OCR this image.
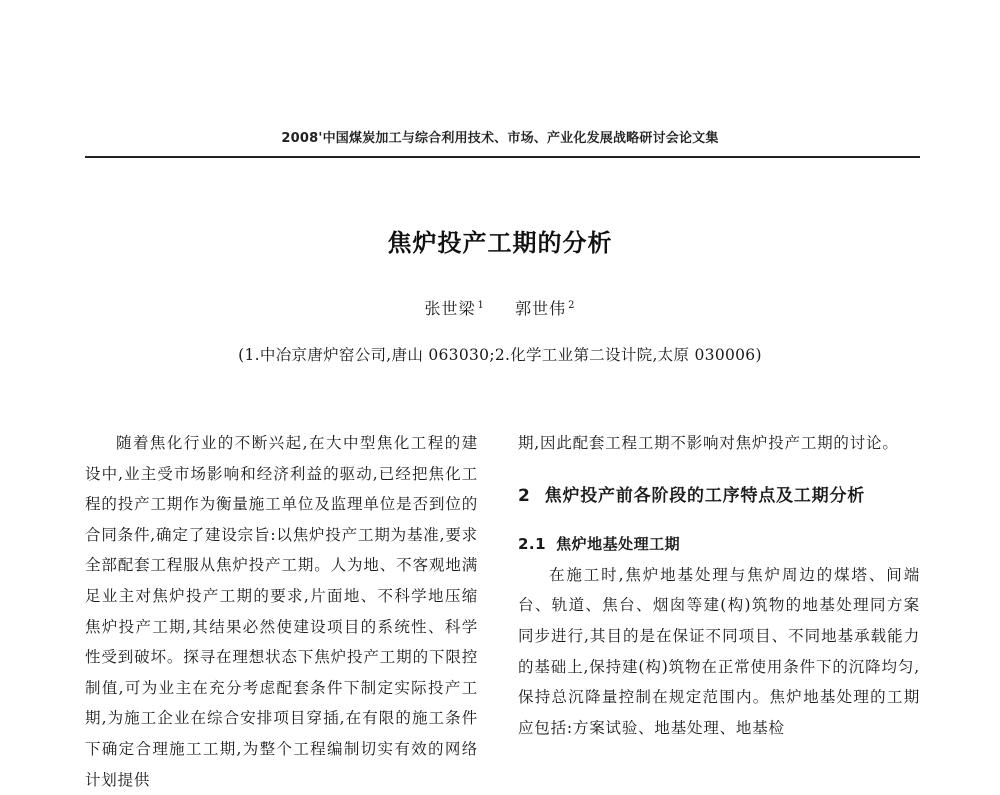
2008'中国煤炭加工与综合利用技术、市场、产业化发展战略研讨会论文集
焦炉投产工期的分析
张世梁 $^1$ 郭世伟 $^2$
(1.中冶京唐炉窑公司,唐山 063030;2.化学工业第二设计院,太原 030006)

随着焦化行业的不断兴起,在大中型焦化工程的建设中,业主受市场影响和经济利益的驱动,已经把焦化工程的投产工期作为衡量施工单位及监理单位是否到位的合同条件,确定了建设宗旨:以焦炉投产工期为基准,要求全部配套工程服从焦炉投产工期。人为地、不客观地满足业主对焦炉投产工期的要求,片面地、不科学地压缩焦炉投产工期,其结果必然使建设项目的系统性、科学性受到破坏。探寻在理想状态下焦炉投产工期的下限控制值,可为业主在充分考虑配套条件下制定实际投产工期,为施工企业在综合安排项目穿插,在有限的施工条件下确定合理施工工期,为整个工程编制切实有效的网络计划提供

期,因此配套工程工期不影响对焦炉投产工期的讨论。

2 焦炉投产前各阶段的工序特点及工期分析
2.1 焦炉地基处理工期

在施工时,焦炉地基处理与焦炉周边的煤塔、间端台、轨道、焦台、烟囱等建(构)筑物的地基处理同方案同步进行,其目的是在保证不同项目、不同地基承载能力的基础上,保持建(构)筑物在正常使用条件下的沉降均匀,保持总沉降量控制在规定范围内。焦炉地基处理的工期应包括:方案试验、地基处理、地基检
